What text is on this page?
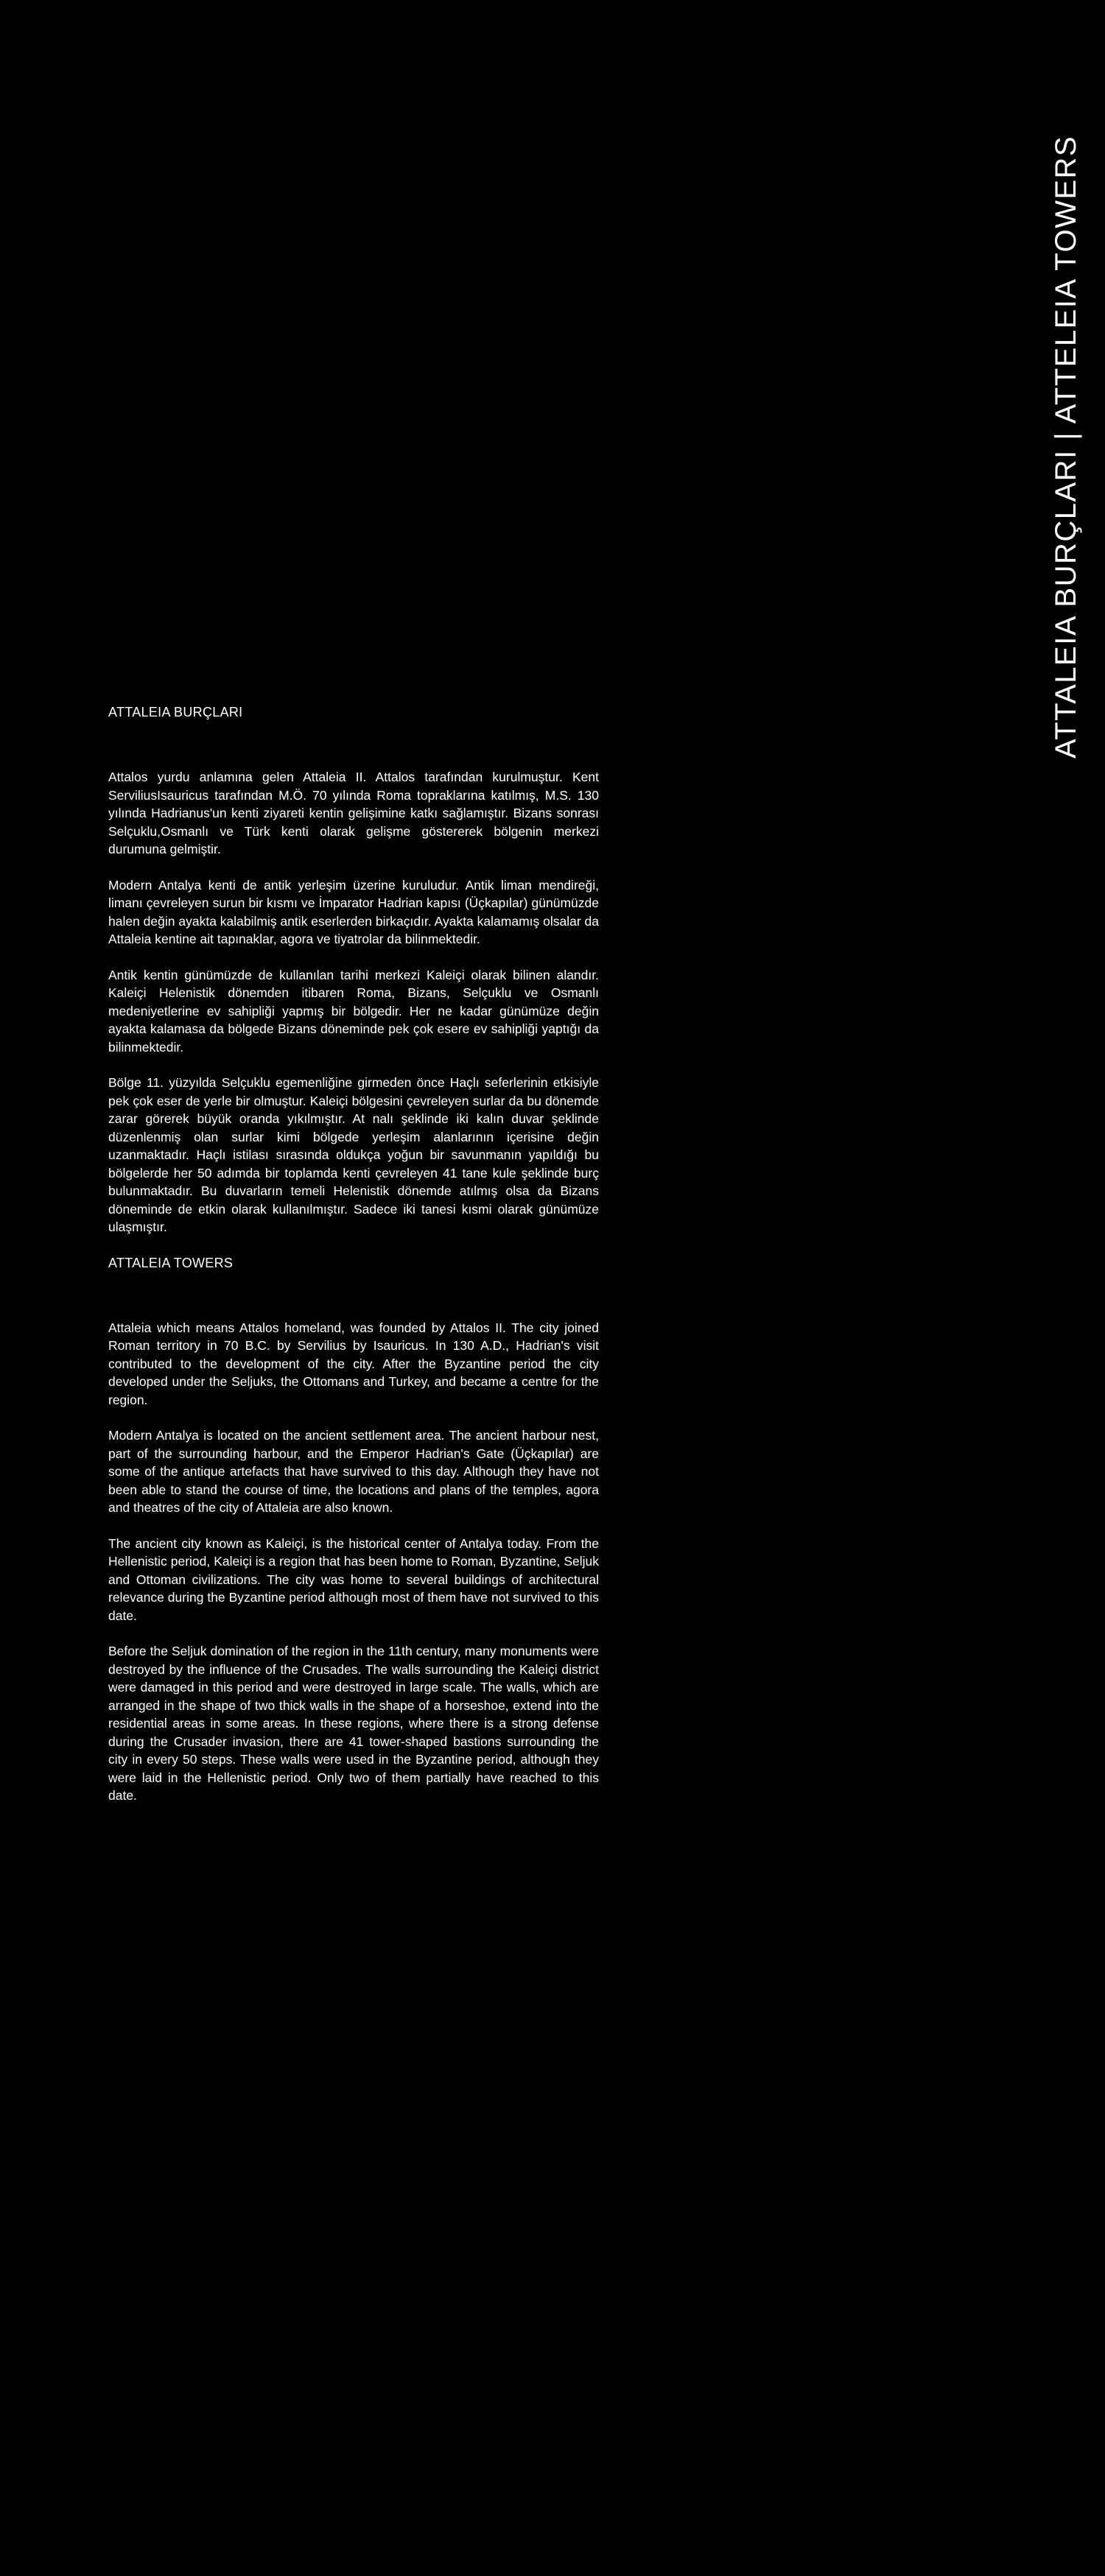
ATTALEIA BURÇLARI | ATTELEIA TOWERS
ATTALEIA BURÇLARI

Attalos yurdu anlamına gelen Attaleia II. Attalos tarafından kurulmuştur. Kent ServiliusIsauricus tarafından M.Ö. 70 yılında Roma topraklarına katılmış, M.S. 130 yılında Hadrianus'un kenti ziyareti kentin gelişimine katkı sağlamıştır. Bizans sonrası Selçuklu,Osmanlı ve Türk kenti olarak gelişme göstererek bölgenin merkezi durumuna gelmiştir.

Modern Antalya kenti de antik yerleşim üzerine kuruludur. Antik liman mendireği, limanı çevreleyen surun bir kısmı ve İmparator Hadrian kapısı (Üçkapılar) günümüzde halen değin ayakta kalabilmiş antik eserlerden birkaçıdır. Ayakta kalamamış olsalar da Attaleia kentine ait tapınaklar, agora ve tiyatrolar da bilinmektedir.

Antik kentin günümüzde de kullanılan tarihi merkezi Kaleiçi olarak bilinen alandır. Kaleiçi Helenistik dönemden itibaren Roma, Bizans, Selçuklu ve Osmanlı medeniyetlerine ev sahipliği yapmış bir bölgedir. Her ne kadar günümüze değin ayakta kalamasa da bölgede Bizans döneminde pek çok esere ev sahipliği yaptığı da bilinmektedir.

Bölge 11. yüzyılda Selçuklu egemenliğine girmeden önce Haçlı seferlerinin etkisiyle pek çok eser de yerle bir olmuştur. Kaleiçi bölgesini çevreleyen surlar da bu dönemde zarar görerek büyük oranda yıkılmıştır. At nalı şeklinde iki kalın duvar şeklinde düzenlenmiş olan surlar kimi bölgede yerleşim alanlarının içerisine değin uzanmaktadır. Haçlı istilası sırasında oldukça yoğun bir savunmanın yapıldığı bu bölgelerde her 50 adımda bir toplamda kenti çevreleyen 41 tane kule şeklinde burç bulunmaktadır. Bu duvarların temeli Helenistik dönemde atılmış olsa da Bizans döneminde de etkin olarak kullanılmıştır. Sadece iki tanesi kısmi olarak günümüze ulaşmıştır.

ATTALEIA TOWERS

Attaleia which means Attalos homeland, was founded by Attalos II. The city joined Roman territory in 70 B.C. by Servilius by Isauricus. In 130 A.D., Hadrian's visit contributed to the development of the city. After the Byzantine period the city developed under the Seljuks, the Ottomans and Turkey, and became a centre for the region.

Modern Antalya is located on the ancient settlement area. The ancient harbour nest, part of the surrounding harbour, and the Emperor Hadrian's Gate (Üçkapılar) are some of the antique artefacts that have survived to this day. Although they have not been able to stand the course of time, the locations and plans of the temples, agora and theatres of the city of Attaleia are also known.

The ancient city known as Kaleiçi, is the historical center of Antalya today. From the Hellenistic period, Kaleiçi is a region that has been home to Roman, Byzantine, Seljuk and Ottoman civilizations. The city was home to several buildings of architectural relevance during the Byzantine period although most of them have not survived to this date.

Before the Seljuk domination of the region in the 11th century, many monuments were destroyed by the influence of the Crusades. The walls surrounding the Kaleiçi district were damaged in this period and were destroyed in large scale. The walls, which are arranged in the shape of two thick walls in the shape of a horseshoe, extend into the residential areas in some areas. In these regions, where there is a strong defense during the Crusader invasion, there are 41 tower-shaped bastions surrounding the city in every 50 steps. These walls were used in the Byzantine period, although they were laid in the Hellenistic period. Only two of them partially have reached to this date.
